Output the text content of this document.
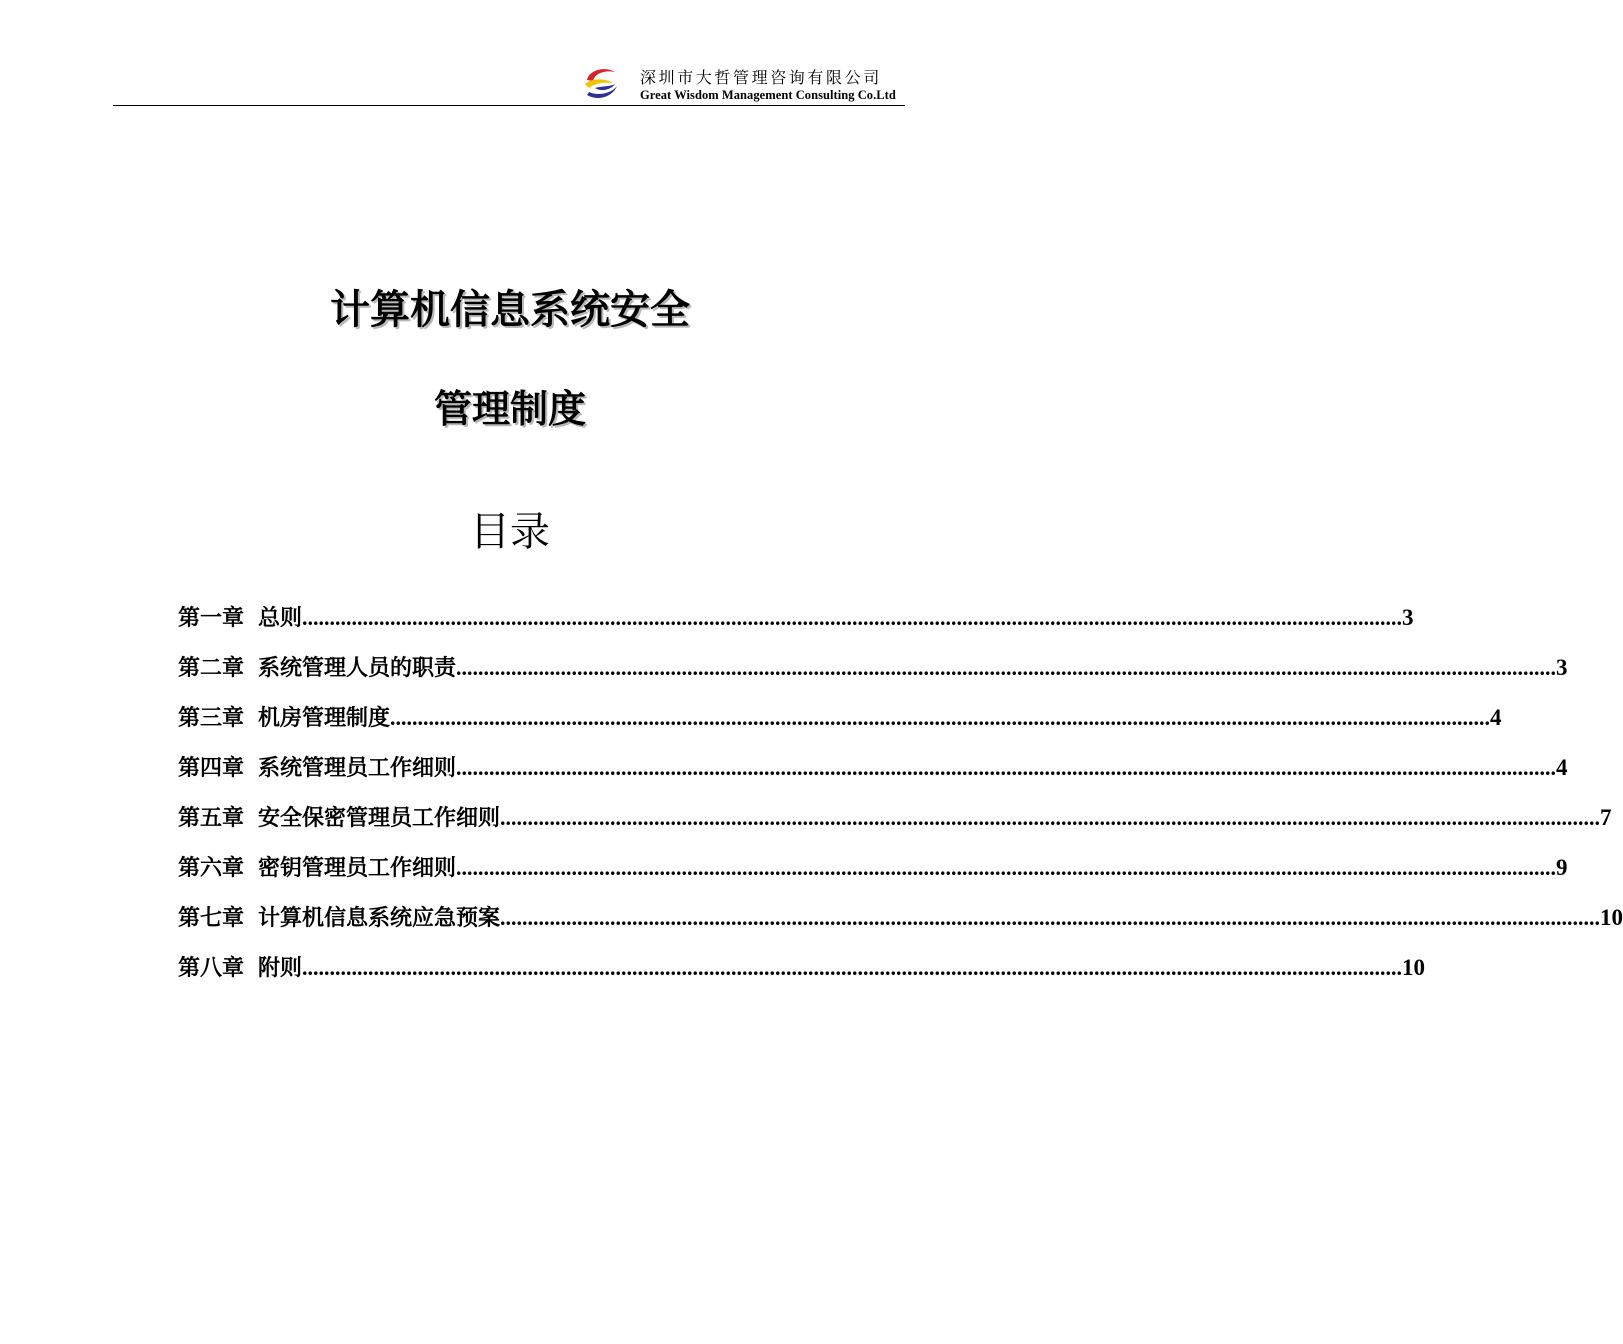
深圳市大哲管理咨询有限公司
Great Wisdom Management Consulting Co.Ltd
计算机信息系统安全
管理制度
目录
第一章 总则 ........................................................................................................................................................................................................ 3
第二章 系统管理人员的职责 ........................................................................................................................................................................................................ 3
第三章 机房管理制度 ........................................................................................................................................................................................................ 4
第四章 系统管理员工作细则 ........................................................................................................................................................................................................ 4
第五章 安全保密管理员工作细则 ........................................................................................................................................................................................................ 7
第六章 密钥管理员工作细则 ........................................................................................................................................................................................................ 9
第七章 计算机信息系统应急预案 ........................................................................................................................................................................................................ 10
第八章 附则 ........................................................................................................................................................................................................ 10
